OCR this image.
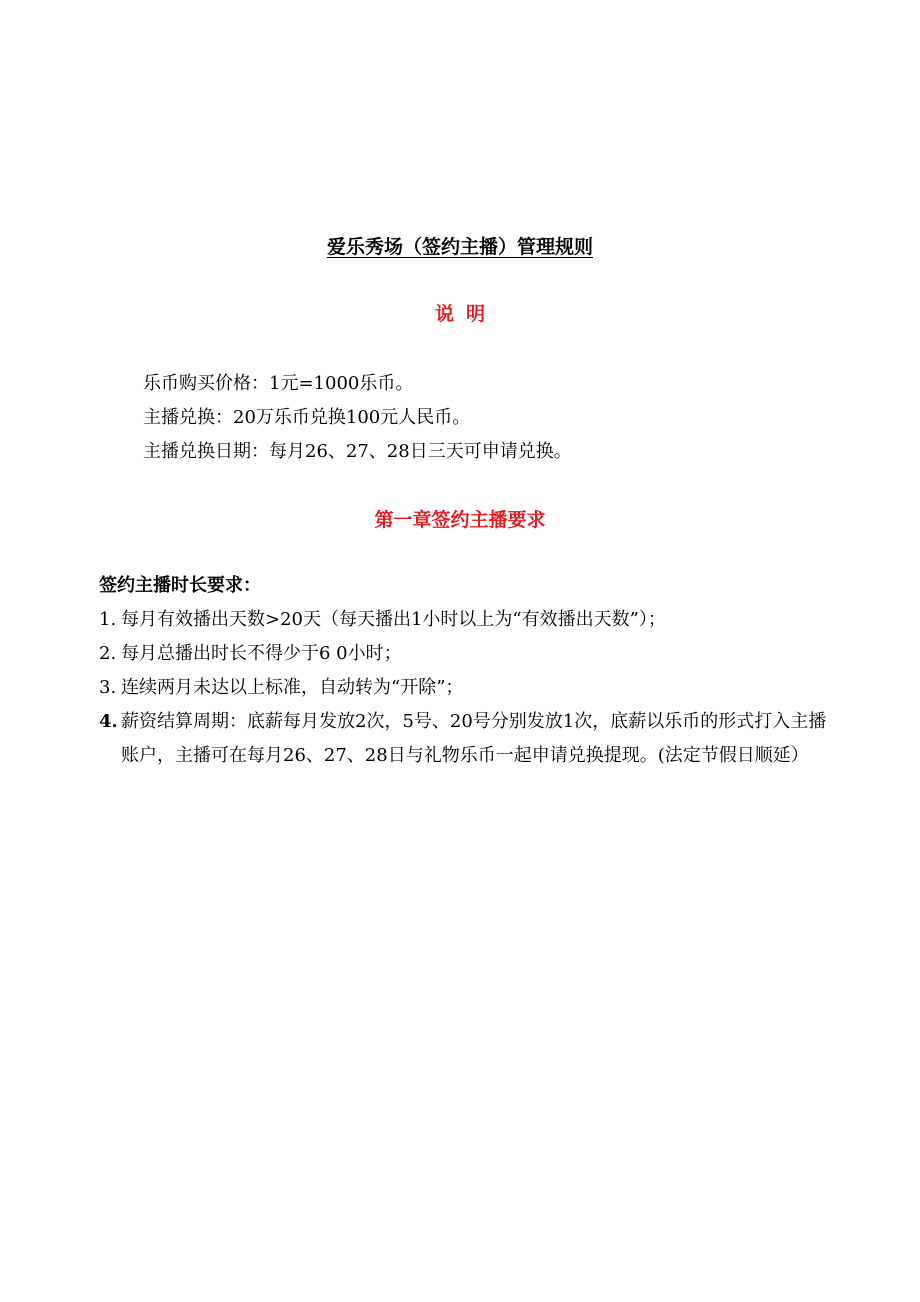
爱乐秀场（签约主播）管理规则
说明
乐币购买价格：1元=1000乐币。
主播兑换：20万乐币兑换100元人民币。
主播兑换日期：每月26、27、28日三天可申请兑换。
第一章签约主播要求
签约主播时长要求：
1. 每月有效播出天数>20天（每天播出1小时以上为“有效播出天数”）；
2. 每月总播出时长不得少于6 0小时；
3. 连续两月未达以上标准，自动转为“开除”；
4. 薪资结算周期：底薪每月发放2次，5号、20号分别发放1次，底薪以乐币的形式打入主播账户，主播可在每月26、27、28日与礼物乐币一起申请兑换提现。(法定节假日顺延）
